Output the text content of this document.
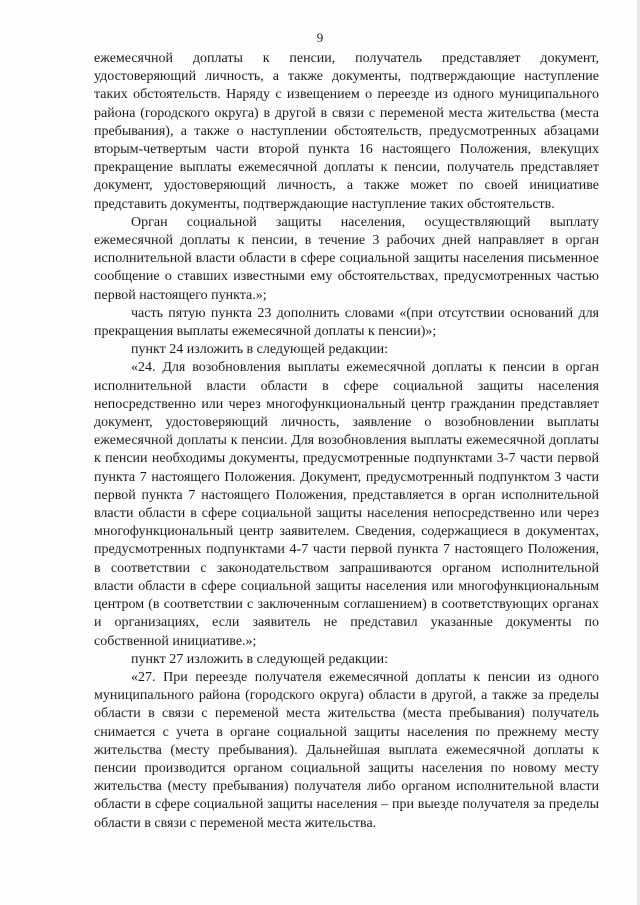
9

ежемесячной доплаты к пенсии, получатель представляет документ, удостоверяющий личность, а также документы, подтверждающие наступление таких обстоятельств. Наряду с извещением о переезде из одного муниципального района (городского округа) в другой в связи с переменой места жительства (места пребывания), а также о наступлении обстоятельств, предусмотренных абзацами вторым-четвертым части второй пункта 16 настоящего Положения, влекущих прекращение выплаты ежемесячной доплаты к пенсии, получатель представляет документ, удостоверяющий личность, а также может по своей инициативе представить документы, подтверждающие наступление таких обстоятельств.

Орган социальной защиты населения, осуществляющий выплату ежемесячной доплаты к пенсии, в течение 3 рабочих дней направляет в орган исполнительной власти области в сфере социальной защиты населения письменное сообщение о ставших известными ему обстоятельствах, предусмотренных частью первой настоящего пункта.»;

часть пятую пункта 23 дополнить словами «(при отсутствии оснований для прекращения выплаты ежемесячной доплаты к пенсии)»;

пункт 24 изложить в следующей редакции:

«24. Для возобновления выплаты ежемесячной доплаты к пенсии в орган исполнительной власти области в сфере социальной защиты населения непосредственно или через многофункциональный центр гражданин представляет документ, удостоверяющий личность, заявление о возобновлении выплаты ежемесячной доплаты к пенсии. Для возобновления выплаты ежемесячной доплаты к пенсии необходимы документы, предусмотренные подпунктами 3-7 части первой пункта 7 настоящего Положения. Документ, предусмотренный подпунктом 3 части первой пункта 7 настоящего Положения, представляется в орган исполнительной власти области в сфере социальной защиты населения непосредственно или через многофункциональный центр заявителем. Сведения, содержащиеся в документах, предусмотренных подпунктами 4-7 части первой пункта 7 настоящего Положения, в соответствии с законодательством запрашиваются органом исполнительной власти области в сфере социальной защиты населения или многофункциональным центром (в соответствии с заключенным соглашением) в соответствующих органах и организациях, если заявитель не представил указанные документы по собственной инициативе.»;

пункт 27 изложить в следующей редакции:

«27. При переезде получателя ежемесячной доплаты к пенсии из одного муниципального района (городского округа) области в другой, а также за пределы области в связи с переменой места жительства (места пребывания) получатель снимается с учета в органе социальной защиты населения по прежнему месту жительства (месту пребывания). Дальнейшая выплата ежемесячной доплаты к пенсии производится органом социальной защиты населения по новому месту жительства (месту пребывания) получателя либо органом исполнительной власти области в сфере социальной защиты населения – при выезде получателя за пределы области в связи с переменой места жительства.
